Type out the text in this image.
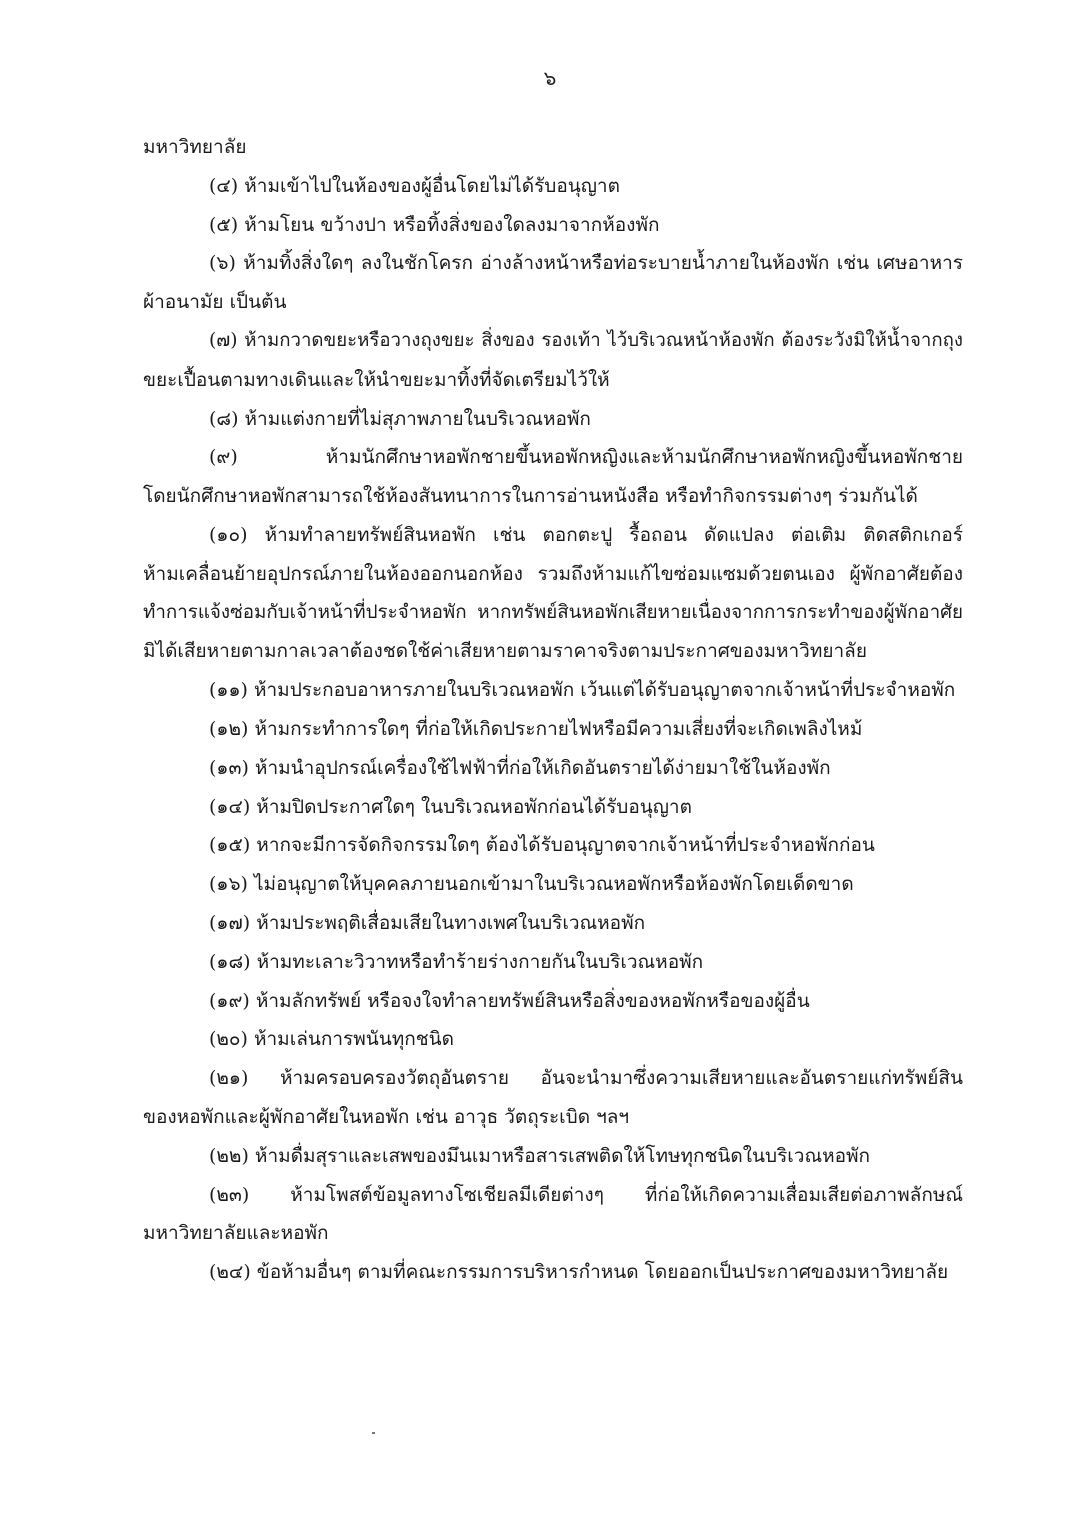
๖
มหาวิทยาลัย
(๔) ห้ามเข้าไปในห้องของผู้อื่นโดยไม่ได้รับอนุญาต
(๕) ห้ามโยน ขว้างปา หรือทิ้งสิ่งของใดลงมาจากห้องพัก
(๖) ห้ามทิ้งสิ่งใดๆ ลงในชักโครก อ่างล้างหน้าหรือท่อระบายน้ำภายในห้องพัก เช่น เศษอาหาร
ผ้าอนามัย เป็นต้น
(๗) ห้ามกวาดขยะหรือวางถุงขยะ สิ่งของ รองเท้า ไว้บริเวณหน้าห้องพัก ต้องระวังมิให้น้ำจากถุง
ขยะเปื้อนตามทางเดินและให้นำขยะมาทิ้งที่จัดเตรียมไว้ให้
(๘) ห้ามแต่งกายที่ไม่สุภาพภายในบริเวณหอพัก
(๙) ห้ามนักศึกษาหอพักชายขึ้นหอพักหญิงและห้ามนักศึกษาหอพักหญิงขึ้นหอพักชาย
โดยนักศึกษาหอพักสามารถใช้ห้องสันทนาการในการอ่านหนังสือ หรือทำกิจกรรมต่างๆ ร่วมกันได้
(๑๐) ห้ามทำลายทรัพย์สินหอพัก เช่น ตอกตะปู รื้อถอน ดัดแปลง ต่อเติม ติดสติกเกอร์
ห้ามเคลื่อนย้ายอุปกรณ์ภายในห้องออกนอกห้อง รวมถึงห้ามแก้ไขซ่อมแซมด้วยตนเอง ผู้พักอาศัยต้อง
ทำการแจ้งซ่อมกับเจ้าหน้าที่ประจำหอพัก หากทรัพย์สินหอพักเสียหายเนื่องจากการกระทำของผู้พักอาศัย
มิได้เสียหายตามกาลเวลาต้องชดใช้ค่าเสียหายตามราคาจริงตามประกาศของมหาวิทยาลัย
(๑๑) ห้ามประกอบอาหารภายในบริเวณหอพัก เว้นแต่ได้รับอนุญาตจากเจ้าหน้าที่ประจำหอพัก
(๑๒) ห้ามกระทำการใดๆ ที่ก่อให้เกิดประกายไฟหรือมีความเสี่ยงที่จะเกิดเพลิงไหม้
(๑๓) ห้ามนำอุปกรณ์เครื่องใช้ไฟฟ้าที่ก่อให้เกิดอันตรายได้ง่ายมาใช้ในห้องพัก
(๑๔) ห้ามปิดประกาศใดๆ ในบริเวณหอพักก่อนได้รับอนุญาต
(๑๕) หากจะมีการจัดกิจกรรมใดๆ ต้องได้รับอนุญาตจากเจ้าหน้าที่ประจำหอพักก่อน
(๑๖) ไม่อนุญาตให้บุคคลภายนอกเข้ามาในบริเวณหอพักหรือห้องพักโดยเด็ดขาด
(๑๗) ห้ามประพฤติเสื่อมเสียในทางเพศในบริเวณหอพัก
(๑๘) ห้ามทะเลาะวิวาทหรือทำร้ายร่างกายกันในบริเวณหอพัก
(๑๙) ห้ามลักทรัพย์ หรือจงใจทำลายทรัพย์สินหรือสิ่งของหอพักหรือของผู้อื่น
(๒๐) ห้ามเล่นการพนันทุกชนิด
(๒๑) ห้ามครอบครองวัตถุอันตราย อันจะนำมาซึ่งความเสียหายและอันตรายแก่ทรัพย์สิน
ของหอพักและผู้พักอาศัยในหอพัก เช่น อาวุธ วัตถุระเบิด ฯลฯ
(๒๒) ห้ามดื่มสุราและเสพของมึนเมาหรือสารเสพติดให้โทษทุกชนิดในบริเวณหอพัก
(๒๓) ห้ามโพสต์ข้อมูลทางโซเชียลมีเดียต่างๆ ที่ก่อให้เกิดความเสื่อมเสียต่อภาพลักษณ์
มหาวิทยาลัยและหอพัก
(๒๔) ข้อห้ามอื่นๆ ตามที่คณะกรรมการบริหารกำหนด โดยออกเป็นประกาศของมหาวิทยาลัย
